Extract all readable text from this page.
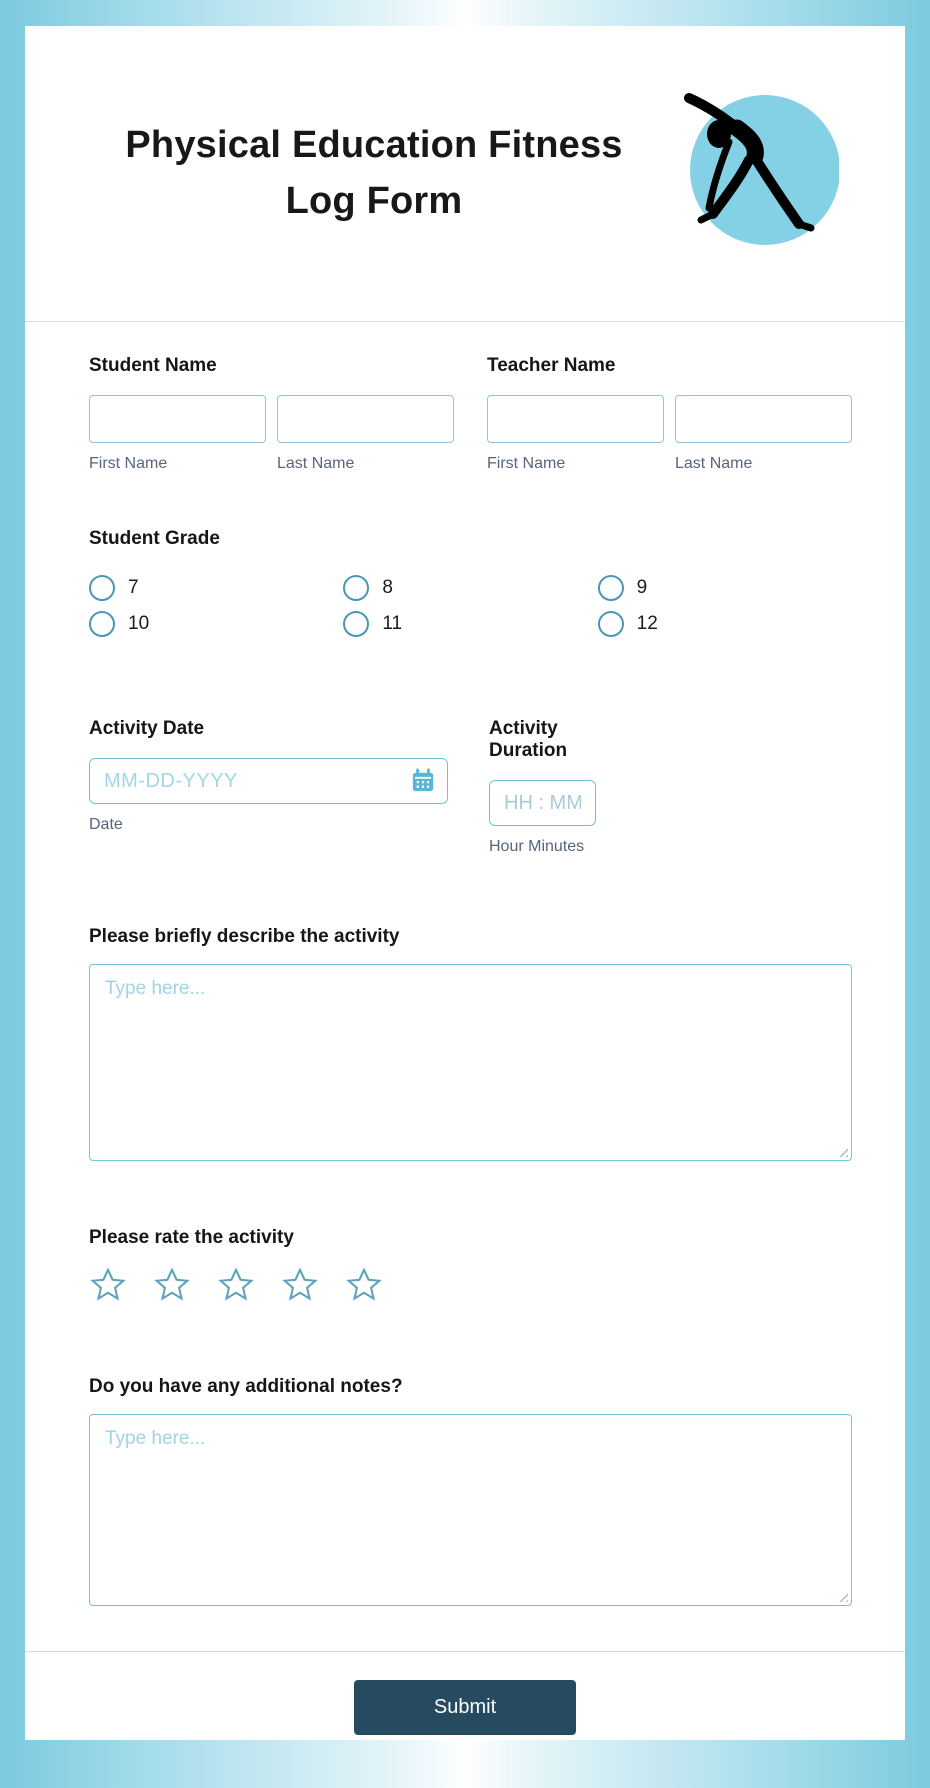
Physical Education Fitness
Log Form
Student Name
First Name	Last Name
Teacher Name
First Name	Last Name
Student Grade
7	8	9
10	11	12
Activity Date
MM-DD-YYYY
Date
Activity Duration
HH : MM
Hour Minutes
Please briefly describe the activity
Type here...
Please rate the activity
Do you have any additional notes?
Type here...
Submit
